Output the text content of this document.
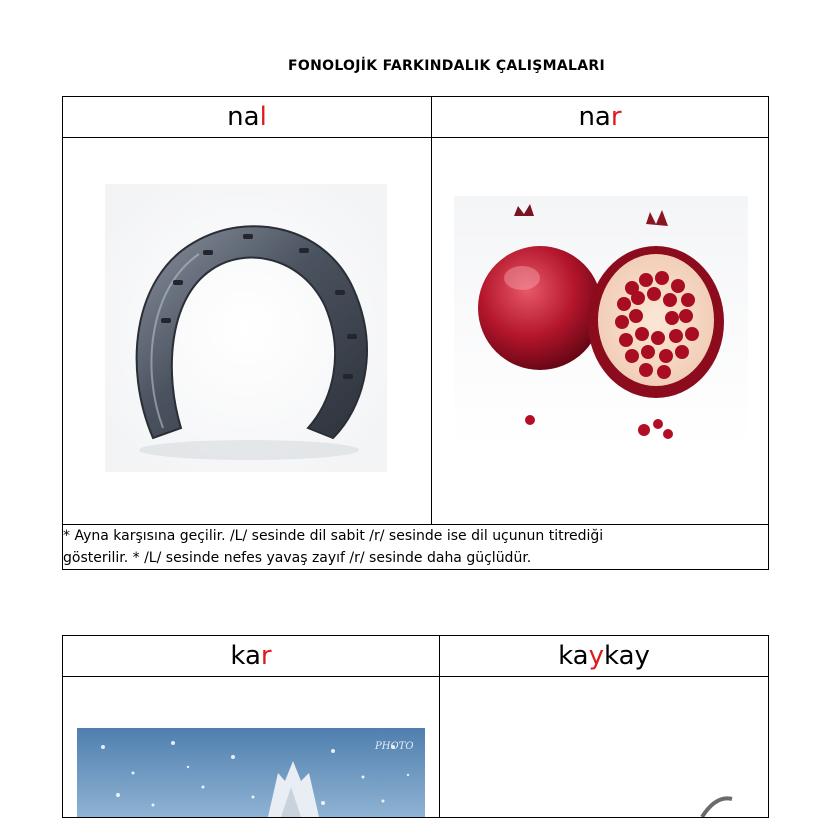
FONOLOJİK FARKINDALIK ÇALIŞMALARI
nal	nar

* Ayna karşısına geçilir. /L/ sesinde dil sabit /r/ sesinde ise dil uçunun titrediği
gösterilir. * /L/ sesinde nefes yavaş zayıf /r/ sesinde daha güçlüdür.	
kar	kaykay

PHOTO
